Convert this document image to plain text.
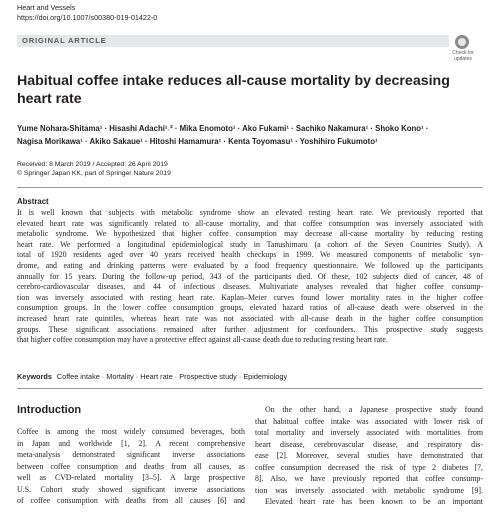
Heart and Vessels
https://doi.org/10.1007/s00380-019-01422-0
ORIGINAL ARTICLE
Check for
updates
Habitual coffee intake reduces all-cause mortality by decreasing heart rate
Yume Nohara-Shitama¹ · Hisashi Adachi¹˒² · Mika Enomoto¹ · Ako Fukami¹ · Sachiko Nakamura¹ · Shoko Kono¹ ·
Nagisa Morikawa¹ · Akiko Sakaue¹ · Hitoshi Hamamura¹ · Kenta Toyomasu¹ · Yoshihiro Fukumoto¹
Received: 8 March 2019 / Accepted: 26 April 2019
© Springer Japan KK, part of Springer Nature 2019
Abstract
It is well known that subjects with metabolic syndrome show an elevated resting heart rate. We previously reported that
elevated heart rate was significantly related to all-cause mortality, and that coffee consumption was inversely associated with
metabolic syndrome. We hypothesized that higher coffee consumption may decrease all-cause mortality by reducing resting
heart rate. We performed a longitudinal epidemiological study in Tanushimaru (a cohort of the Seven Countries Study). A
total of 1920 residents aged over 40 years received health checkups in 1999. We measured components of metabolic syn-
drome, and eating and drinking patterns were evaluated by a food frequency questionnaire. We followed up the participants
annually for 15 years. During the follow-up period, 343 of the participants died. Of these, 102 subjects died of cancer, 48 of
cerebro-cardiovascular diseases, and 44 of infectious diseases. Multivariate analyses revealed that higher coffee consump-
tion was inversely associated with resting heart rate. Kaplan–Meier curves found lower mortality rates in the higher coffee
consumption groups. In the lower coffee consumption groups, elevated hazard ratios of all-cause death were observed in the
increased heart rate quintiles, whereas heart rate was not associated with all-cause death in the higher coffee consumption
groups. These significant associations remained after further adjustment for confounders. This prospective study suggests
that higher coffee consumption may have a protective effect against all-cause death due to reducing resting heart rate.
Keywords Coffee intake · Mortality · Heart rate · Prospective study · Epidemiology
Introduction
Coffee is among the most widely consumed beverages, both
in Japan and worldwide [1, 2]. A recent comprehensive
meta-analysis demonstrated significant inverse associations
between coffee consumption and deaths from all causes, as
well as CVD-related mortality [3–5]. A large prospective
U.S. Cohort study showed significant inverse associations
of coffee consumption with deaths from all causes [6] and
On the other hand, a Japanese prospective study found
that habitual coffee intake was associated with lower risk of
total mortality and inversely associated with mortalities from
heart disease, cerebrovascular disease, and respiratory dis-
ease [2]. Moreover, several studies have demonstrated that
coffee consumption decreased the risk of type 2 diabetes [7,
8]. Also, we have previously reported that coffee consump-
tion was inversely associated with metabolic syndrome [9].
Elevated heart rate has been known to be an important
